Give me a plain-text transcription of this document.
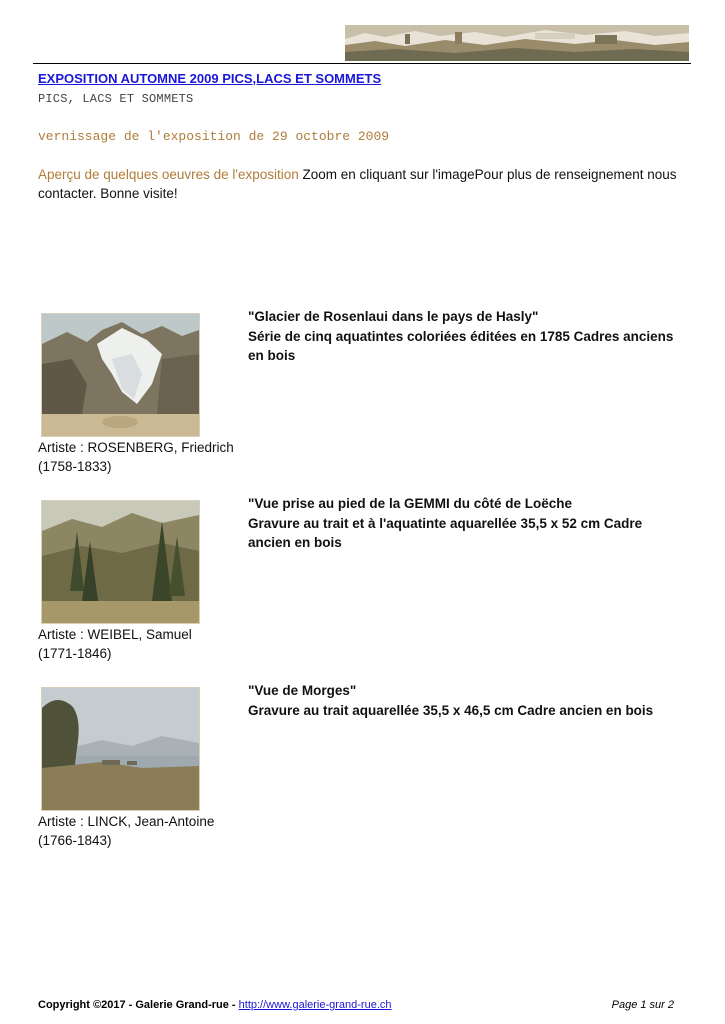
EXPOSITION AUTOMNE 2009 PICS,LACS ET SOMMETS
PICS, LACS ET SOMMETS
vernissage de l'exposition de 29 octobre 2009
Aperçu de quelques oeuvres de l'exposition Zoom en cliquant sur l'imagePour plus de renseignement nous contacter. Bonne visite!
Artiste : ROSENBERG, Friedrich
(1758-1833)
"Glacier de Rosenlaui dans le pays de Hasly"
Série de cinq aquatintes coloriées éditées en 1785 Cadres anciens en bois
Artiste : WEIBEL, Samuel
(1771-1846)
"Vue prise au pied de la GEMMI du côté de Loëche
Gravure au trait et à l'aquatinte aquarellée 35,5 x 52 cm Cadre ancien en bois
Artiste : LINCK, Jean-Antoine
(1766-1843)
"Vue de Morges"
Gravure au trait aquarellée 35,5 x 46,5 cm Cadre ancien en bois
Copyright ©2017 - Galerie Grand-rue - http://www.galerie-grand-rue.ch	Page 1 sur 2
